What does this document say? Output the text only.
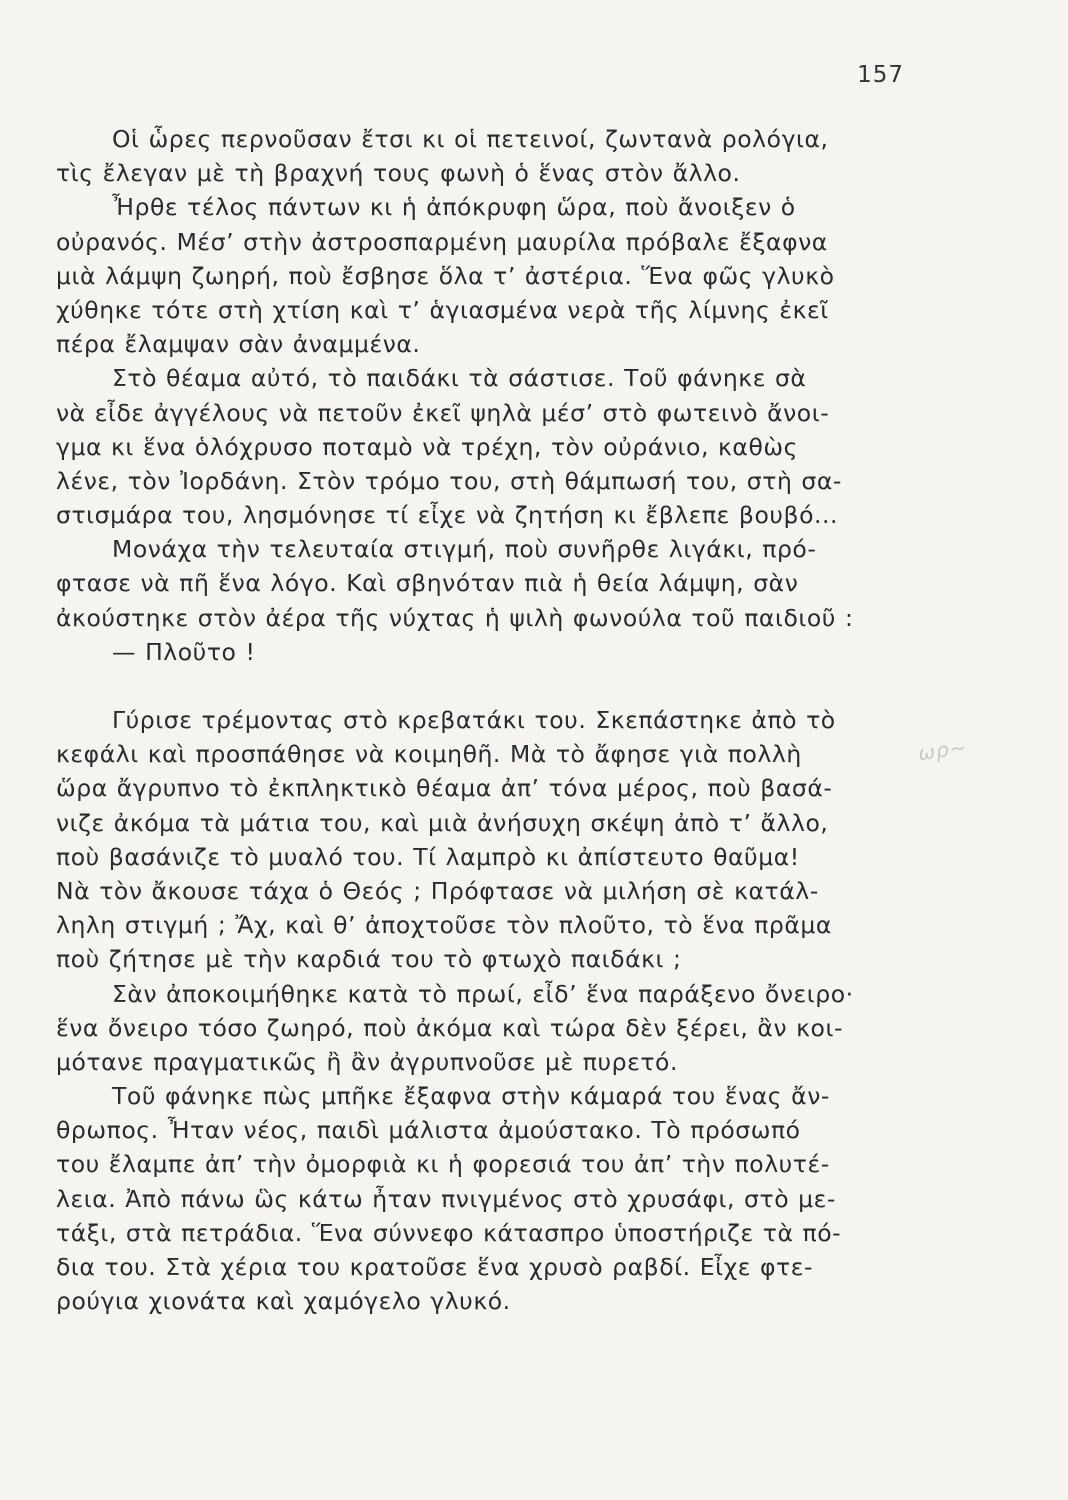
157
ωρ~
Οἱ ὧρες περνοῦσαν ἔτσι κι οἱ πετεινοί, ζωντανὰ ρολόγια,
τὶς ἔλεγαν μὲ τὴ βραχνή τους φωνὴ ὁ ἕνας στὸν ἄλλο.
Ἦρθε τέλος πάντων κι ἡ ἀπόκρυφη ὥρα, ποὺ ἄνοιξεν ὁ
οὐρανός. Μέσ’ στὴν ἀστροσπαρμένη μαυρίλα πρόβαλε ἔξαφνα
μιὰ λάμψη ζωηρή, ποὺ ἔσβησε ὅλα τ’ ἀστέρια. Ἕνα φῶς γλυκὸ
χύθηκε τότε στὴ χτίση καὶ τ’ ἁγιασμένα νερὰ τῆς λίμνης ἐκεῖ
πέρα ἔλαμψαν σὰν ἀναμμένα.
Στὸ θέαμα αὐτό, τὸ παιδάκι τὰ σάστισε. Τοῦ φάνηκε σὰ
νὰ εἶδε ἀγγέλους νὰ πετοῦν ἐκεῖ ψηλὰ μέσ’ στὸ φωτεινὸ ἄνοι-
γμα κι ἕνα ὁλόχρυσο ποταμὸ νὰ τρέχη, τὸν οὐράνιο, καθὼς
λένε, τὸν Ἰορδάνη. Στὸν τρόμο του, στὴ θάμπωσή του, στὴ σα-
στισμάρα του, λησμόνησε τί εἶχε νὰ ζητήση κι ἔβλεπε βουβό...
Μονάχα τὴν τελευταία στιγμή, ποὺ συνῆρθε λιγάκι, πρό-
φτασε νὰ πῆ ἕνα λόγο. Καὶ σβηνόταν πιὰ ἡ θεία λάμψη, σὰν
ἀκούστηκε στὸν ἀέρα τῆς νύχτας ἡ ψιλὴ φωνούλα τοῦ παιδιοῦ :
— Πλοῦτο !
Γύρισε τρέμοντας στὸ κρεβατάκι του. Σκεπάστηκε ἀπὸ τὸ
κεφάλι καὶ προσπάθησε νὰ κοιμηθῆ. Μὰ τὸ ἄφησε γιὰ πολλὴ
ὥρα ἄγρυπνο τὸ ἐκπληκτικὸ θέαμα ἀπ’ τόνα μέρος, ποὺ βασά-
νιζε ἀκόμα τὰ μάτια του, καὶ μιὰ ἀνήσυχη σκέψη ἀπὸ τ’ ἄλλο,
ποὺ βασάνιζε τὸ μυαλό του. Τί λαμπρὸ κι ἀπίστευτο θαῦμα!
Νὰ τὸν ἄκουσε τάχα ὁ Θεός ; Πρόφτασε νὰ μιλήση σὲ κατάλ-
ληλη στιγμή ; Ἄχ, καὶ θ’ ἀποχτοῦσε τὸν πλοῦτο, τὸ ἕνα πρᾶμα
ποὺ ζήτησε μὲ τὴν καρδιά του τὸ φτωχὸ παιδάκι ;
Σὰν ἀποκοιμήθηκε κατὰ τὸ πρωί, εἶδ’ ἕνα παράξενο ὄνειρο·
ἕνα ὄνειρο τόσο ζωηρό, ποὺ ἀκόμα καὶ τώρα δὲν ξέρει, ἂν κοι-
μότανε πραγματικῶς ἢ ἂν ἀγρυπνοῦσε μὲ πυρετό.
Τοῦ φάνηκε πὼς μπῆκε ἔξαφνα στὴν κάμαρά του ἕνας ἄν-
θρωπος. Ἦταν νέος, παιδὶ μάλιστα ἀμούστακο. Τὸ πρόσωπό
του ἔλαμπε ἀπ’ τὴν ὀμορφιὰ κι ἡ φορεσιά του ἀπ’ τὴν πολυτέ-
λεια. Ἀπὸ πάνω ὣς κάτω ἦταν πνιγμένος στὸ χρυσάφι, στὸ με-
τάξι, στὰ πετράδια. Ἕνα σύννεφο κάτασπρο ὑποστήριζε τὰ πό-
δια του. Στὰ χέρια του κρατοῦσε ἕνα χρυσὸ ραβδί. Εἶχε φτε-
ρούγια χιονάτα καὶ χαμόγελο γλυκό.
